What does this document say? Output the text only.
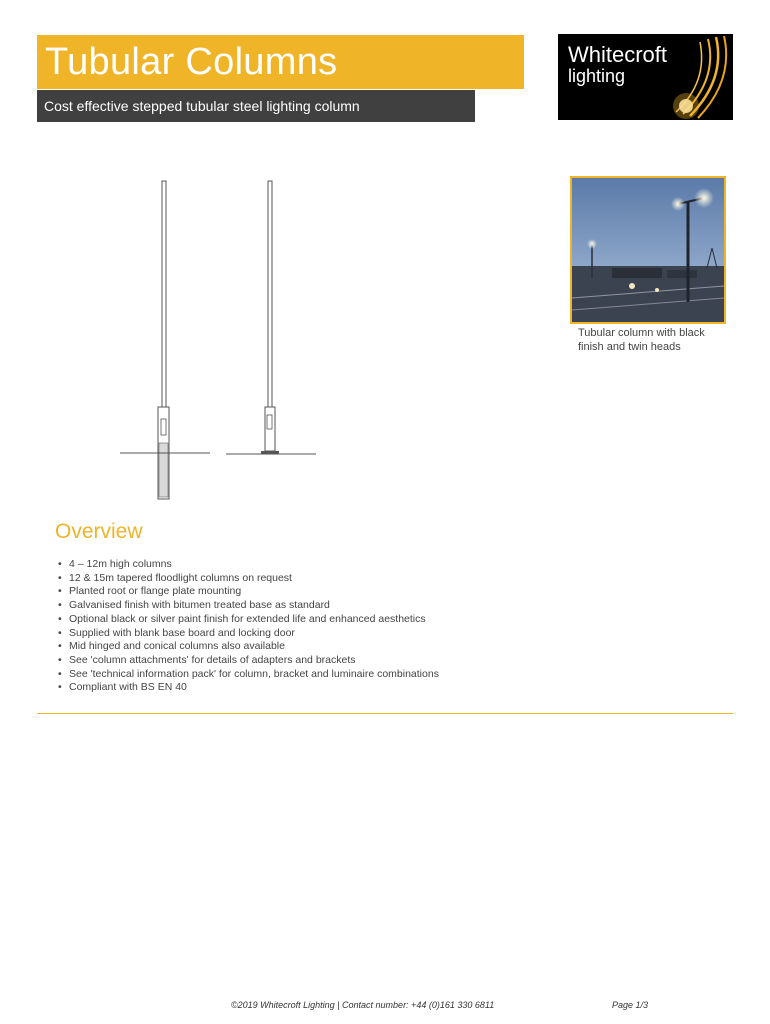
Tubular Columns
Cost effective stepped tubular steel lighting column
Whitecroft
lighting
Tubular column with black finish and twin heads
Overview
• 4 – 12m high columns
• 12 & 15m tapered floodlight columns on request
• Planted root or flange plate mounting
• Galvanised finish with bitumen treated base as standard
• Optional black or silver paint finish for extended life and enhanced aesthetics
• Supplied with blank base board and locking door
• Mid hinged and conical columns also available
• See 'column attachments' for details of adapters and brackets
• See 'technical information pack' for column, bracket and luminaire combinations
• Compliant with BS EN 40
©2019 Whitecroft Lighting | Contact number: +44 (0)161 330 6811	Page 1/3
